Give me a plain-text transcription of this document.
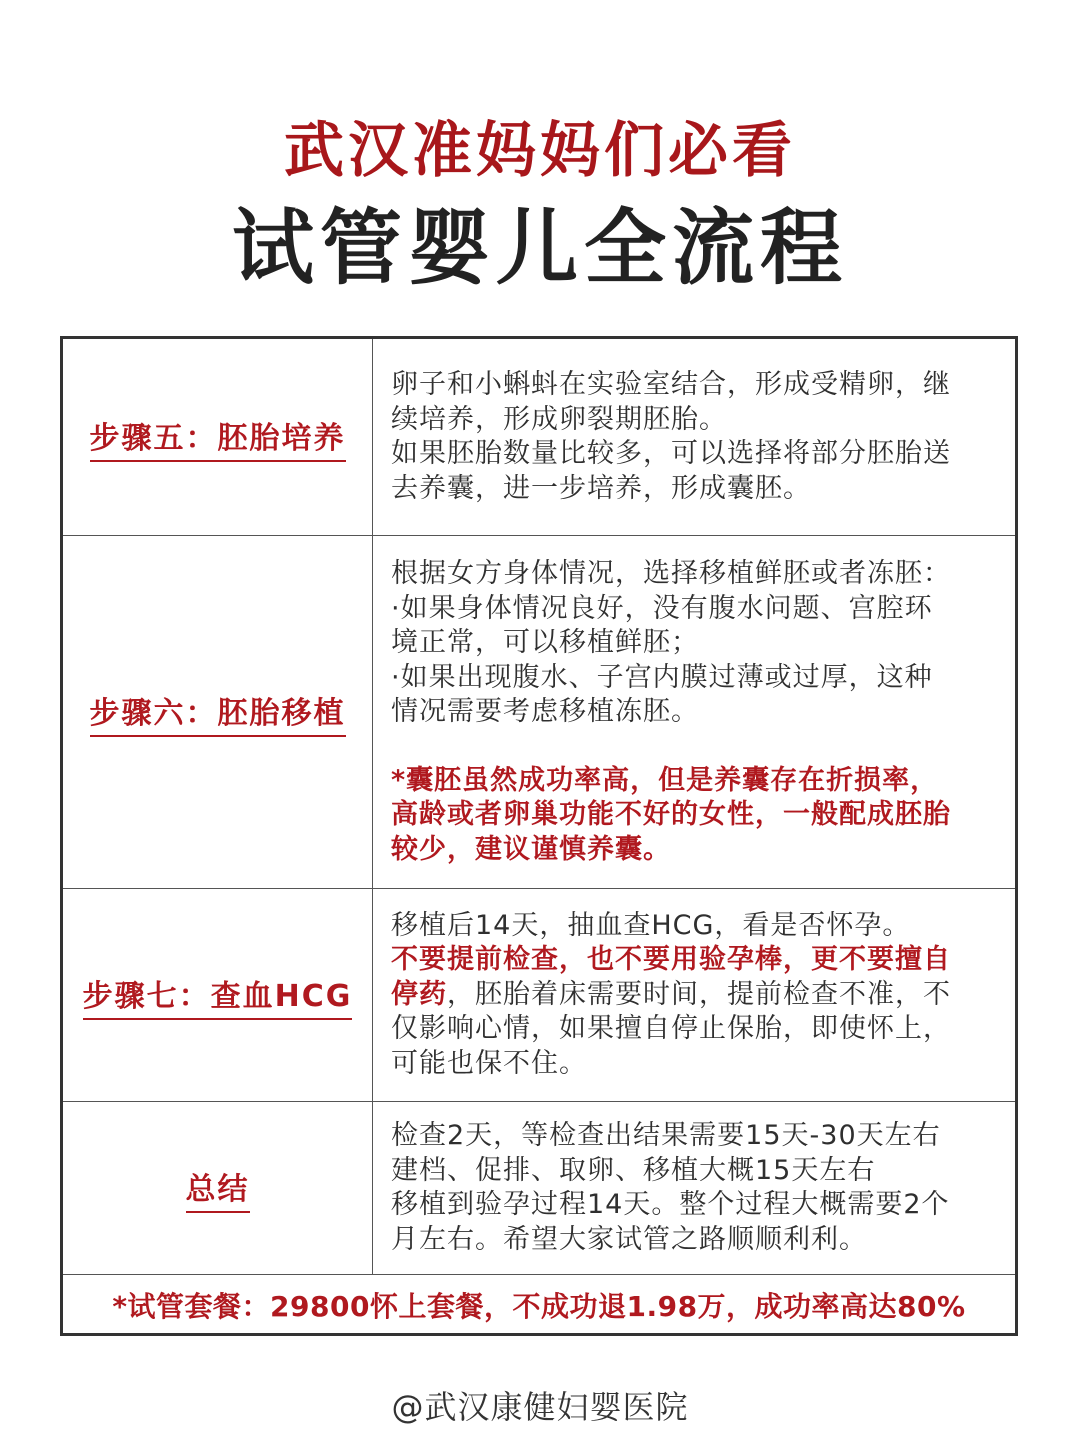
武汉准妈妈们必看
试管婴儿全流程
步骤五：胚胎培养

卵子和小蝌蚪在实验室结合，形成受精卵，继

续培养，形成卵裂期胚胎。

如果胚胎数量比较多，可以选择将部分胚胎送

去养囊，进一步培养，形成囊胚。

步骤六：胚胎移植

根据女方身体情况，选择移植鲜胚或者冻胚：

·如果身体情况良好，没有腹水问题、宫腔环

境正常，可以移植鲜胚；

·如果出现腹水、子宫内膜过薄或过厚，这种

情况需要考虑移植冻胚。

*囊胚虽然成功率高，但是养囊存在折损率，

高龄或者卵巢功能不好的女性，一般配成胚胎

较少，建议谨慎养囊。

步骤七：查血HCG

移植后14天，抽血查HCG，看是否怀孕。

不要提前检查，也不要用验孕棒，更不要擅自

停药，胚胎着床需要时间，提前检查不准，不

仅影响心情，如果擅自停止保胎，即使怀上，

可能也保不住。

总结

检查2天，等检查出结果需要15天-30天左右

建档、促排、取卵、移植大概15天左右

移植到验孕过程14天。整个过程大概需要2个

月左右。希望大家试管之路顺顺利利。

*试管套餐：29800怀上套餐，不成功退1.98万，成功率高达80%
@武汉康健妇婴医院
